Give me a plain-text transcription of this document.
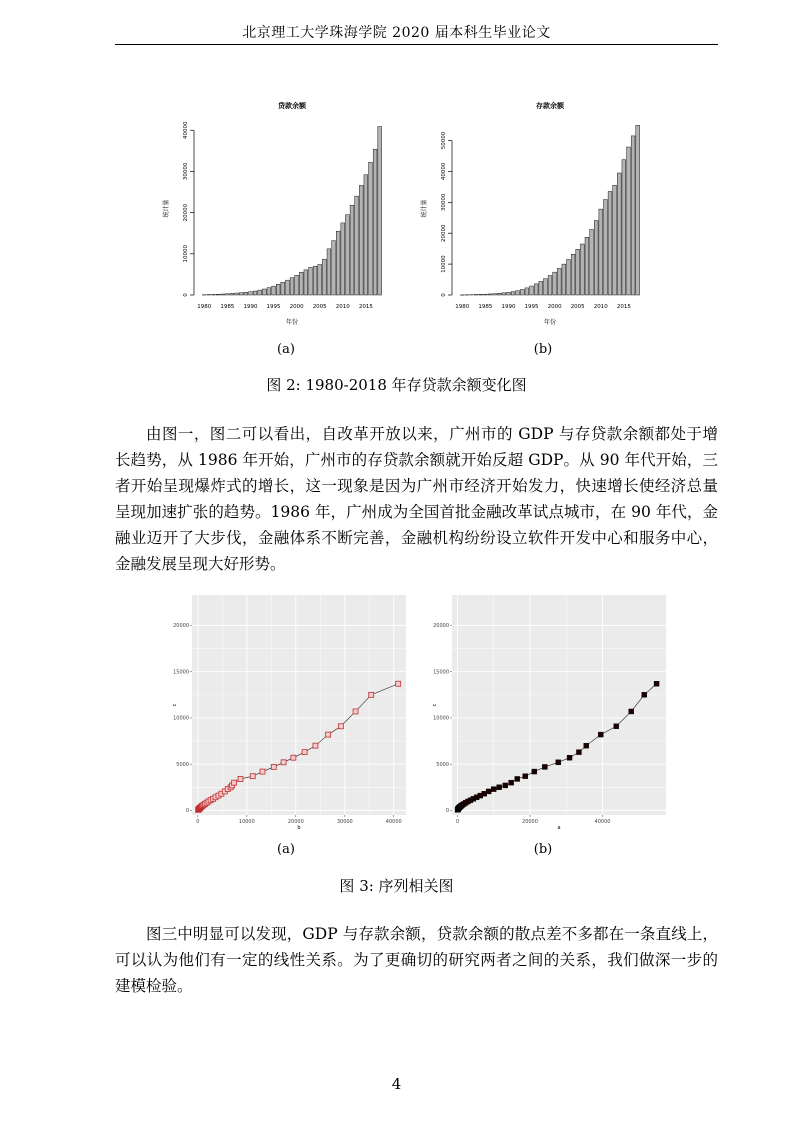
北京理工大学珠海学院 2020 届本科生毕业论文
贷款余额
0
10000
20000
30000
40000
统计量
1980 1985 1990 1995 2000 2005 2010 2015
年份
存款余额
0
10000
20000
30000
40000
50000
统计量
1980 1985 1990 1995 2000 2005 2010 2015
年份
(a)	(b)
图 2: 1980-2018 年存贷款余额变化图

由图一，图二可以看出，自改革开放以来，广州市的 GDP 与存贷款余额都处于增长趋势，从 1986 年开始，广州市的存贷款余额就开始反超 GDP。从 90 年代开始，三者开始呈现爆炸式的增长，这一现象是因为广州市经济开始发力，快速增长使经济总量呈现加速扩张的趋势。1986 年，广州成为全国首批金融改革试点城市，在 90 年代，金融业迈开了大步伐，金融体系不断完善，金融机构纷纷设立软件开发中心和服务中心，金融发展呈现大好形势。

0	10000	20000	30000	40000
0
5000
10000
15000
20000
b
c
0	20000	40000
0
5000
10000
15000
20000
a
c
(a)	(b)
图 3: 序列相关图

图三中明显可以发现，GDP 与存款余额，贷款余额的散点差不多都在一条直线上，可以认为他们有一定的线性关系。为了更确切的研究两者之间的关系，我们做深一步的建模检验。

4
